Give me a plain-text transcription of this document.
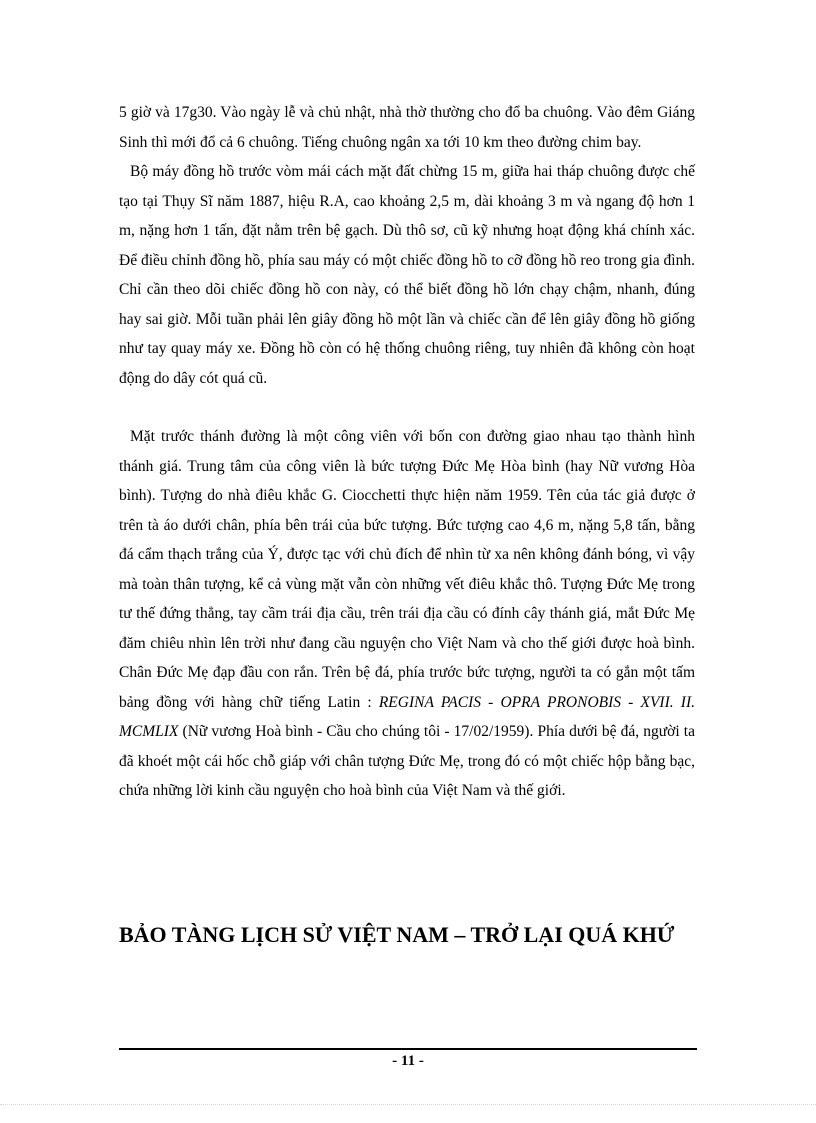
5 giờ và 17g30. Vào ngày lễ và chủ nhật, nhà thờ thường cho đổ ba chuông. Vào đêm Giáng Sinh thì mới đổ cả 6 chuông. Tiếng chuông ngân xa tới 10 km theo đường chim bay.

Bộ máy đồng hồ trước vòm mái cách mặt đất chừng 15 m, giữa hai tháp chuông được chế tạo tại Thụy Sĩ năm 1887, hiệu R.A, cao khoảng 2,5 m, dài khoảng 3 m và ngang độ hơn 1 m, nặng hơn 1 tấn, đặt nằm trên bệ gạch. Dù thô sơ, cũ kỹ nhưng hoạt động khá chính xác. Để điều chỉnh đồng hồ, phía sau máy có một chiếc đồng hồ to cỡ đồng hồ reo trong gia đình. Chỉ cần theo dõi chiếc đồng hồ con này, có thể biết đồng hồ lớn chạy chậm, nhanh, đúng hay sai giờ. Mỗi tuần phải lên giây đồng hồ một lần và chiếc cần để lên giây đồng hồ giống như tay quay máy xe. Đồng hồ còn có hệ thống chuông riêng, tuy nhiên đã không còn hoạt động do dây cót quá cũ.

Mặt trước thánh đường là một công viên với bốn con đường giao nhau tạo thành hình thánh giá. Trung tâm của công viên là bức tượng Đức Mẹ Hòa bình (hay Nữ vương Hòa bình). Tượng do nhà điêu khắc G. Ciocchetti thực hiện năm 1959. Tên của tác giả được ở trên tà áo dưới chân, phía bên trái của bức tượng. Bức tượng cao 4,6 m, nặng 5,8 tấn, bằng đá cẩm thạch trắng của Ý, được tạc với chủ đích để nhìn từ xa nên không đánh bóng, vì vậy mà toàn thân tượng, kể cả vùng mặt vẫn còn những vết điêu khắc thô. Tượng Đức Mẹ trong tư thế đứng thẳng, tay cầm trái địa cầu, trên trái địa cầu có đính cây thánh giá, mắt Đức Mẹ đăm chiêu nhìn lên trời như đang cầu nguyện cho Việt Nam và cho thế giới được hoà bình. Chân Đức Mẹ đạp đầu con rắn. Trên bệ đá, phía trước bức tượng, người ta có gắn một tấm bảng đồng với hàng chữ tiếng Latin : REGINA PACIS - OPRA PRONOBIS - XVII. II. MCMLIX (Nữ vương Hoà bình - Cầu cho chúng tôi - 17/02/1959). Phía dưới bệ đá, người ta đã khoét một cái hốc chỗ giáp với chân tượng Đức Mẹ, trong đó có một chiếc hộp bằng bạc, chứa những lời kinh cầu nguyện cho hoà bình của Việt Nam và thế giới.

BẢO TÀNG LỊCH SỬ VIỆT NAM – TRỞ LẠI QUÁ KHỨ
- 11 -
